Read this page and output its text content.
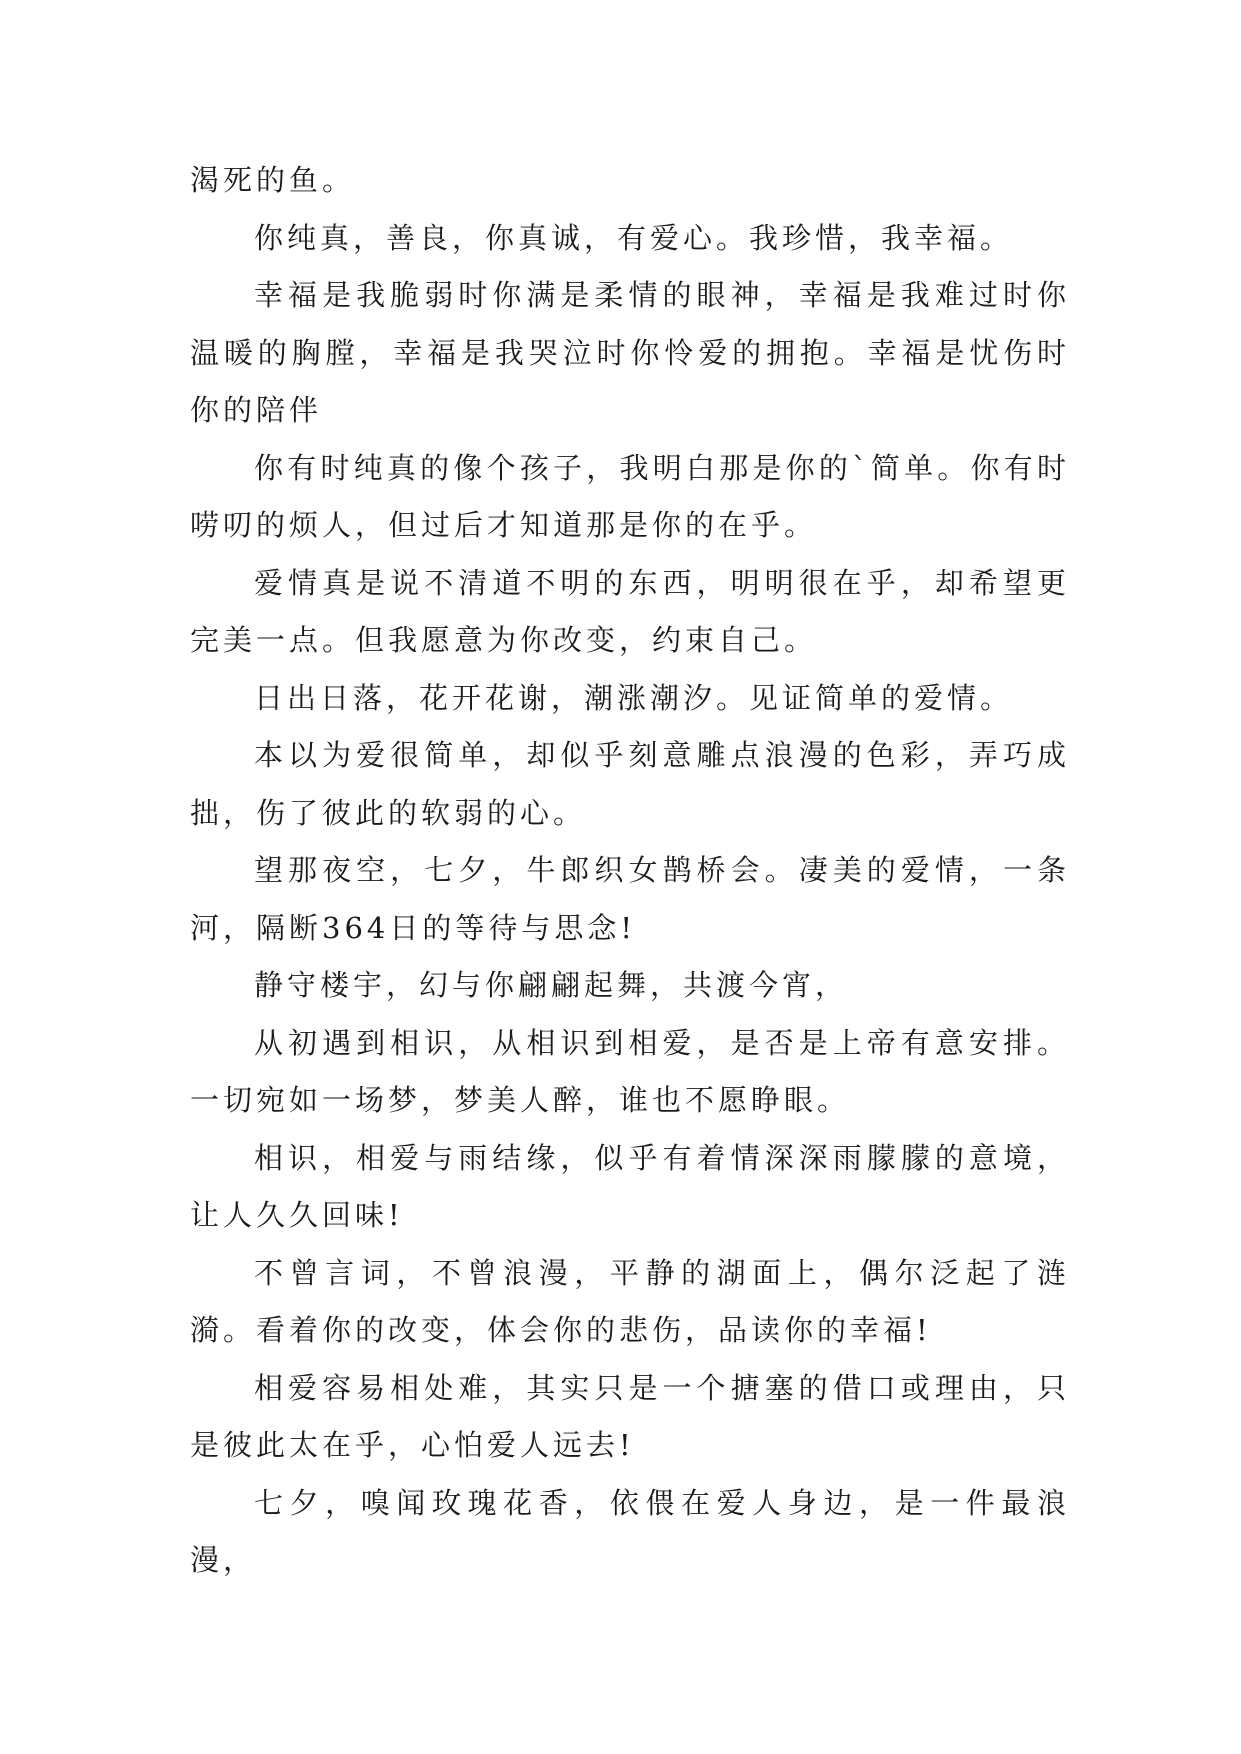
渴死的鱼。

你纯真，善良，你真诚，有爱心。我珍惜，我幸福。

幸福是我脆弱时你满是柔情的眼神，幸福是我难过时你温暖的胸膛，幸福是我哭泣时你怜爱的拥抱。幸福是忧伤时你的陪伴

你有时纯真的像个孩子，我明白那是你的`简单。你有时唠叨的烦人，但过后才知道那是你的在乎。

爱情真是说不清道不明的东西，明明很在乎，却希望更完美一点。但我愿意为你改变，约束自己。

日出日落，花开花谢，潮涨潮汐。见证简单的爱情。

本以为爱很简单，却似乎刻意雕点浪漫的色彩，弄巧成拙，伤了彼此的软弱的心。

望那夜空，七夕，牛郎织女鹊桥会。凄美的爱情，一条河，隔断364日的等待与思念!

静守楼宇，幻与你翩翩起舞，共渡今宵，

从初遇到相识，从相识到相爱，是否是上帝有意安排。一切宛如一场梦，梦美人醉，谁也不愿睁眼。

相识，相爱与雨结缘，似乎有着情深深雨朦朦的意境，让人久久回味!

不曾言词，不曾浪漫，平静的湖面上，偶尔泛起了涟漪。看着你的改变，体会你的悲伤，品读你的幸福!

相爱容易相处难，其实只是一个搪塞的借口或理由，只是彼此太在乎，心怕爱人远去!

七夕，嗅闻玫瑰花香，依偎在爱人身边，是一件最浪漫，
